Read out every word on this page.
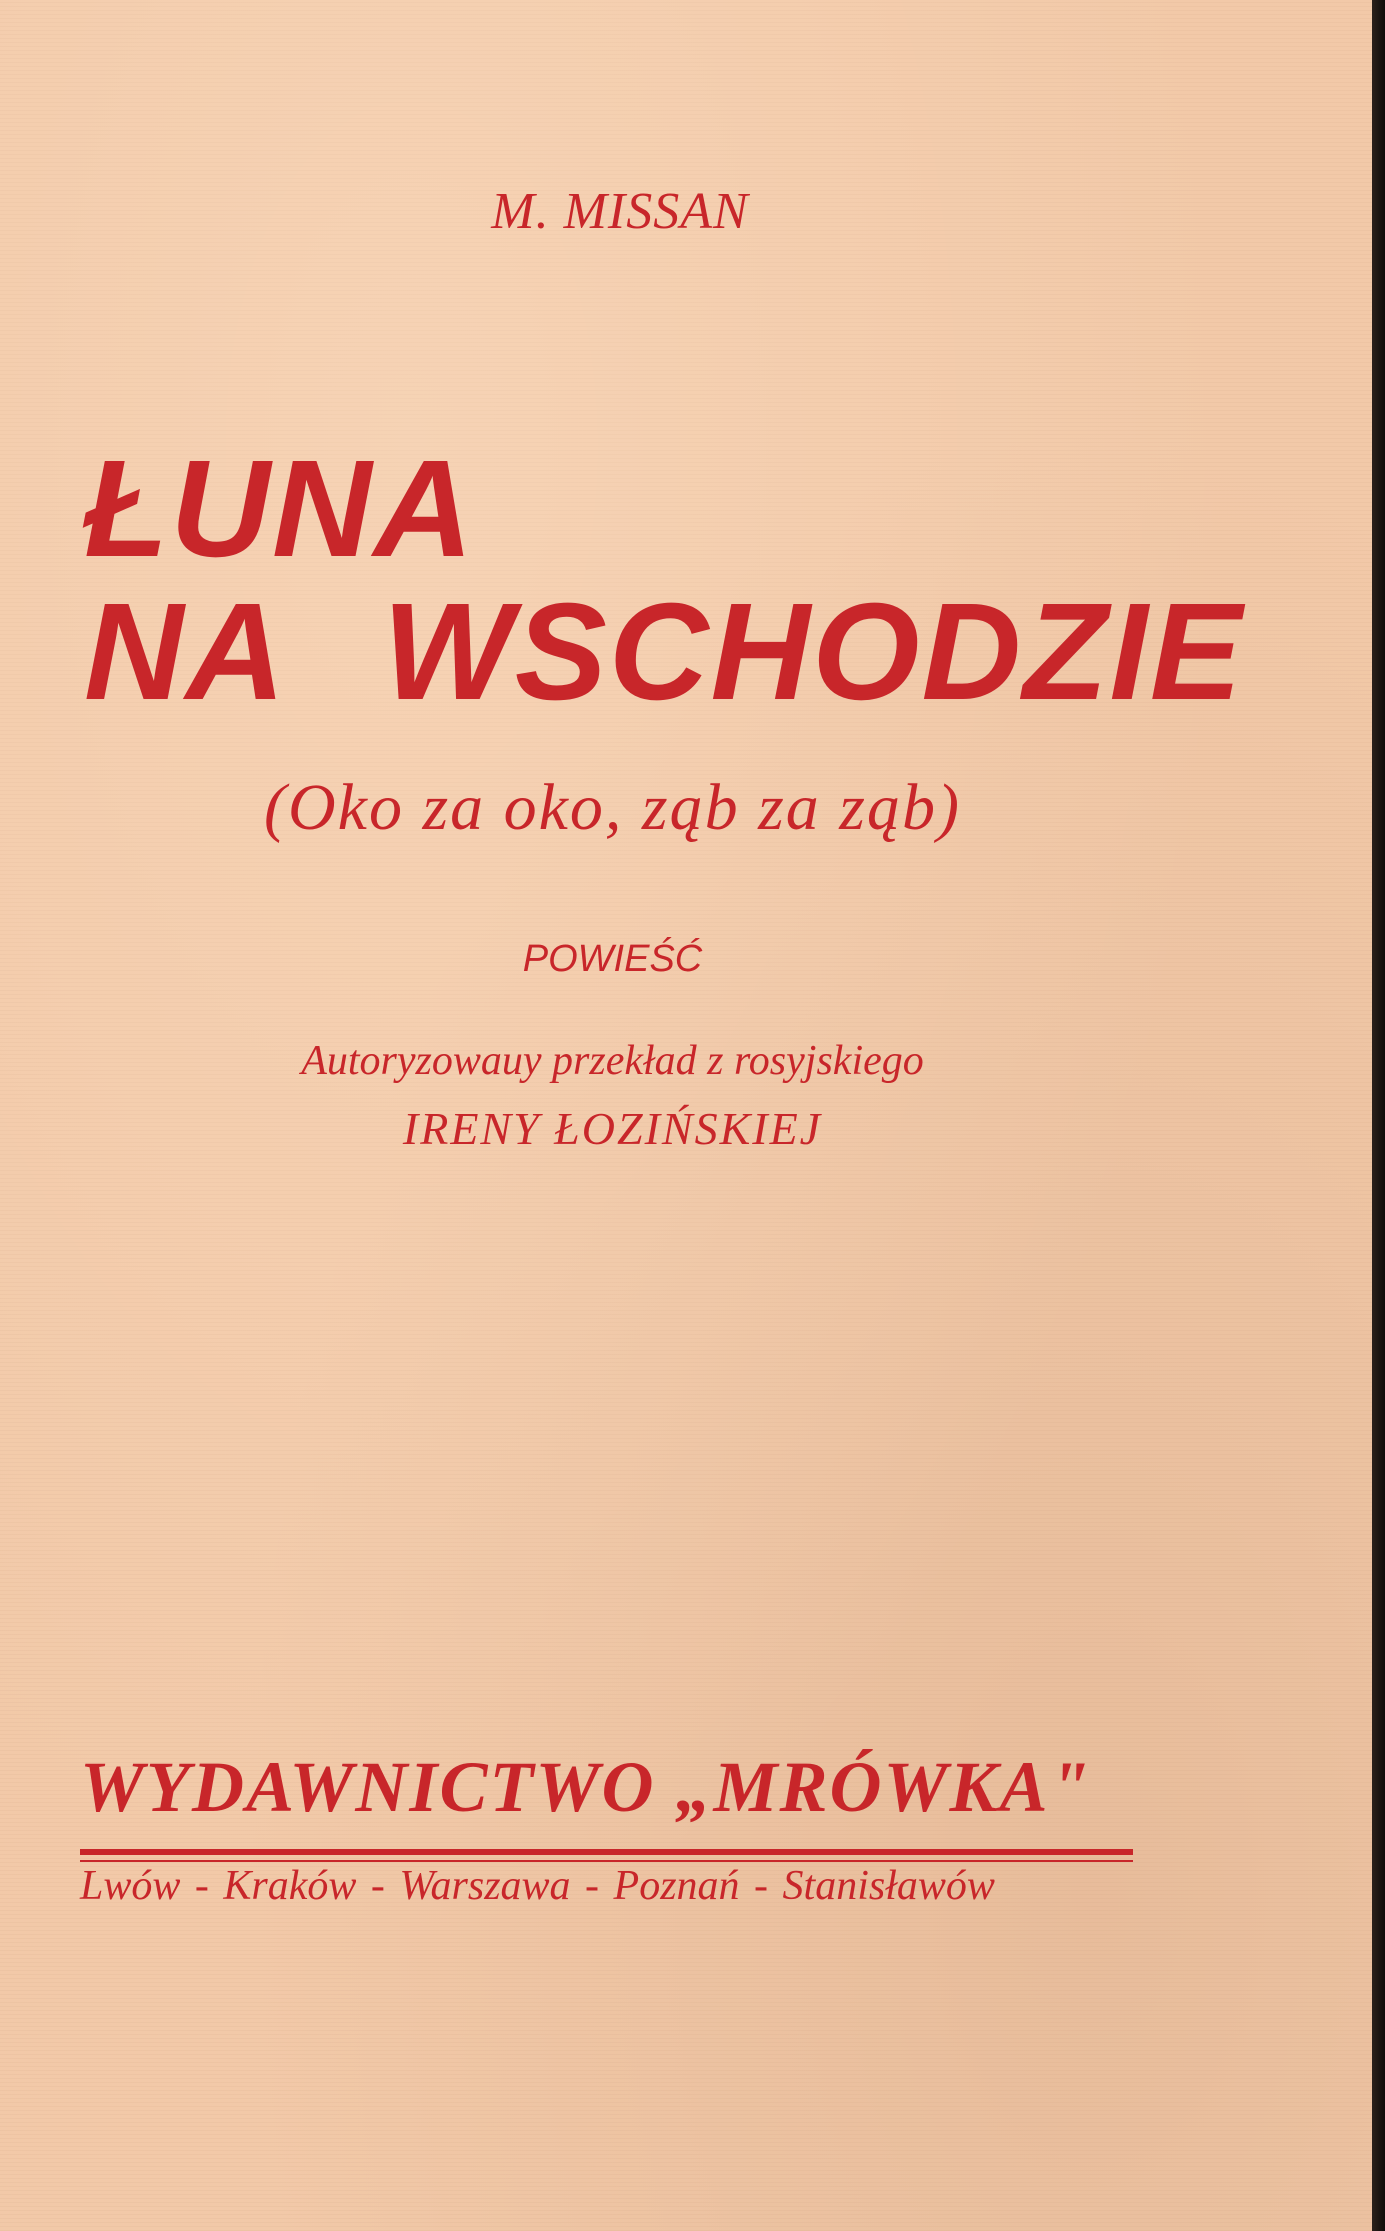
M. MISSAN

ŁUNA

NA WSCHODZIE

(Oko za oko, ząb za ząb)

POWIEŚĆ

Autoryzowauy przekład z rosyjskiego

IRENY ŁOZIŃSKIEJ

WYDAWNICTWO „MRÓWKA"

Lwów - Kraków - Warszawa - Poznań - Stanisławów
